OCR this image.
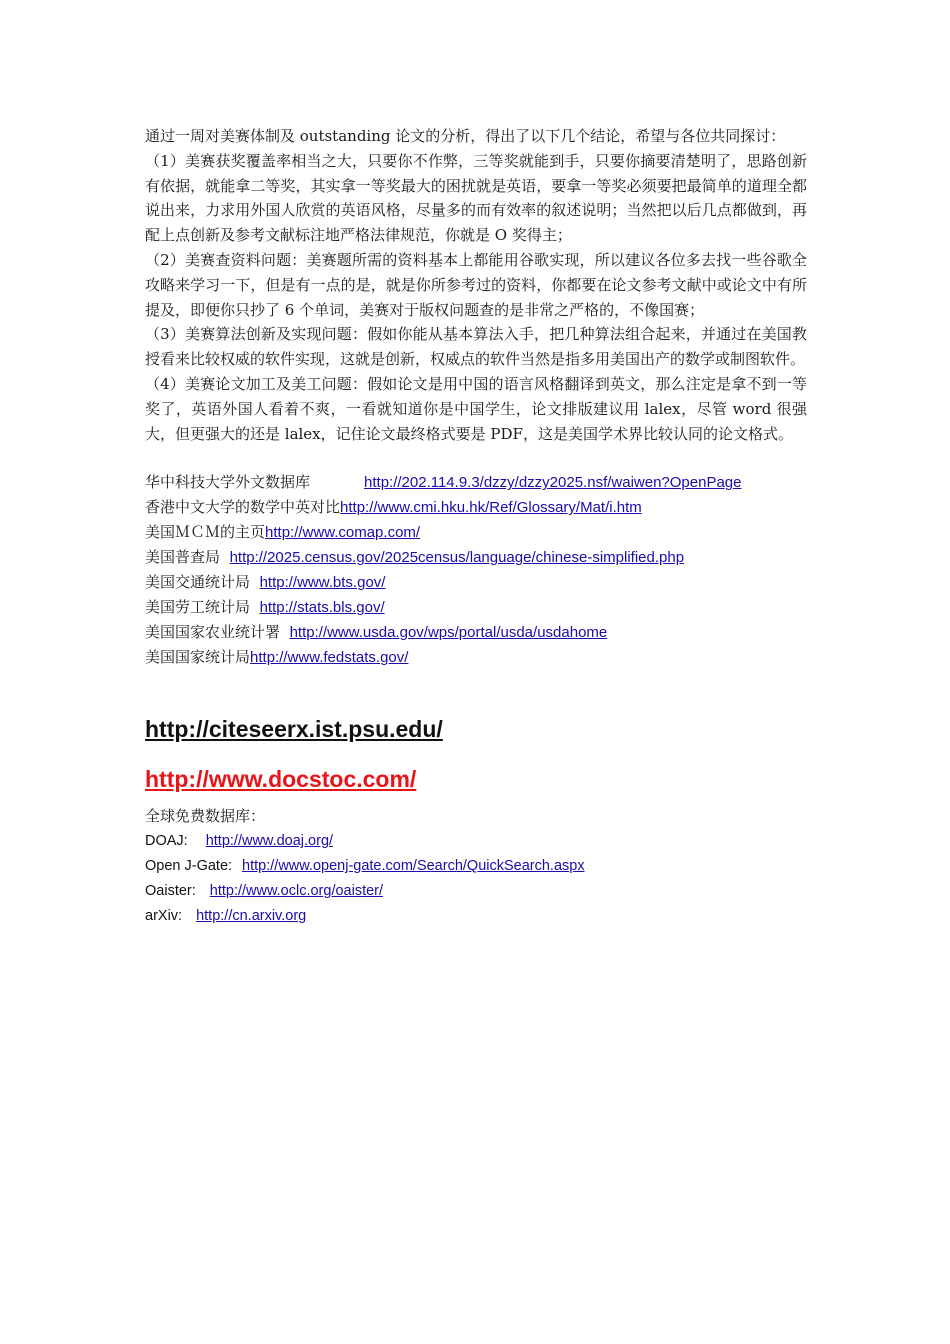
通过一周对美赛体制及 outstanding 论文的分析，得出了以下几个结论，希望与各位共同探讨：

（1）美赛获奖覆盖率相当之大，只要你不作弊，三等奖就能到手，只要你摘要清楚明了，思路创新有依据，就能拿二等奖，其实拿一等奖最大的困扰就是英语，要拿一等奖必须要把最简单的道理全都说出来，力求用外国人欣赏的英语风格，尽量多的而有效率的叙述说明；当然把以后几点都做到，再配上点创新及参考文献标注地严格法律规范，你就是 O 奖得主；

（2）美赛查资料问题：美赛题所需的资料基本上都能用谷歌实现，所以建议各位多去找一些谷歌全攻略来学习一下，但是有一点的是，就是你所参考过的资料，你都要在论文参考文献中或论文中有所提及，即便你只抄了 6 个单词，美赛对于版权问题查的是非常之严格的，不像国赛；

（3）美赛算法创新及实现问题：假如你能从基本算法入手，把几种算法组合起来，并通过在美国教授看来比较权威的软件实现，这就是创新，权威点的软件当然是指多用美国出产的数学或制图软件。

（4）美赛论文加工及美工问题：假如论文是用中国的语言风格翻译到英文，那么注定是拿不到一等奖了，英语外国人看着不爽，一看就知道你是中国学生，论文排版建议用 lalex，尽管 word 很强大，但更强大的还是 lalex，记住论文最终格式要是 PDF，这是美国学术界比较认同的论文格式。

华中科技大学外文数据库	http://202.114.9.3/dzzy/dzzy2025.nsf/waiwen?OpenPage
香港中文大学的数学中英对比http://www.cmi.hku.hk/Ref/Glossary/Mat/i.htm
美国ＭＣＭ的主页http://www.comap.com/
美国普查局 http://2025.census.gov/2025census/language/chinese-simplified.php
美国交通统计局 http://www.bts.gov/
美国劳工统计局 http://stats.bls.gov/
美国国家农业统计署 http://www.usda.gov/wps/portal/usda/usdahome
美国国家统计局http://www.fedstats.gov/
http://citeseerx.ist.psu.edu/
http://www.docstoc.com/
全球免费数据库：
DOAJ: http://www.doaj.org/
Open J-Gate: http://www.openj-gate.com/Search/QuickSearch.aspx
Oaister: http://www.oclc.org/oaister/
arXiv: http://cn.arxiv.org
